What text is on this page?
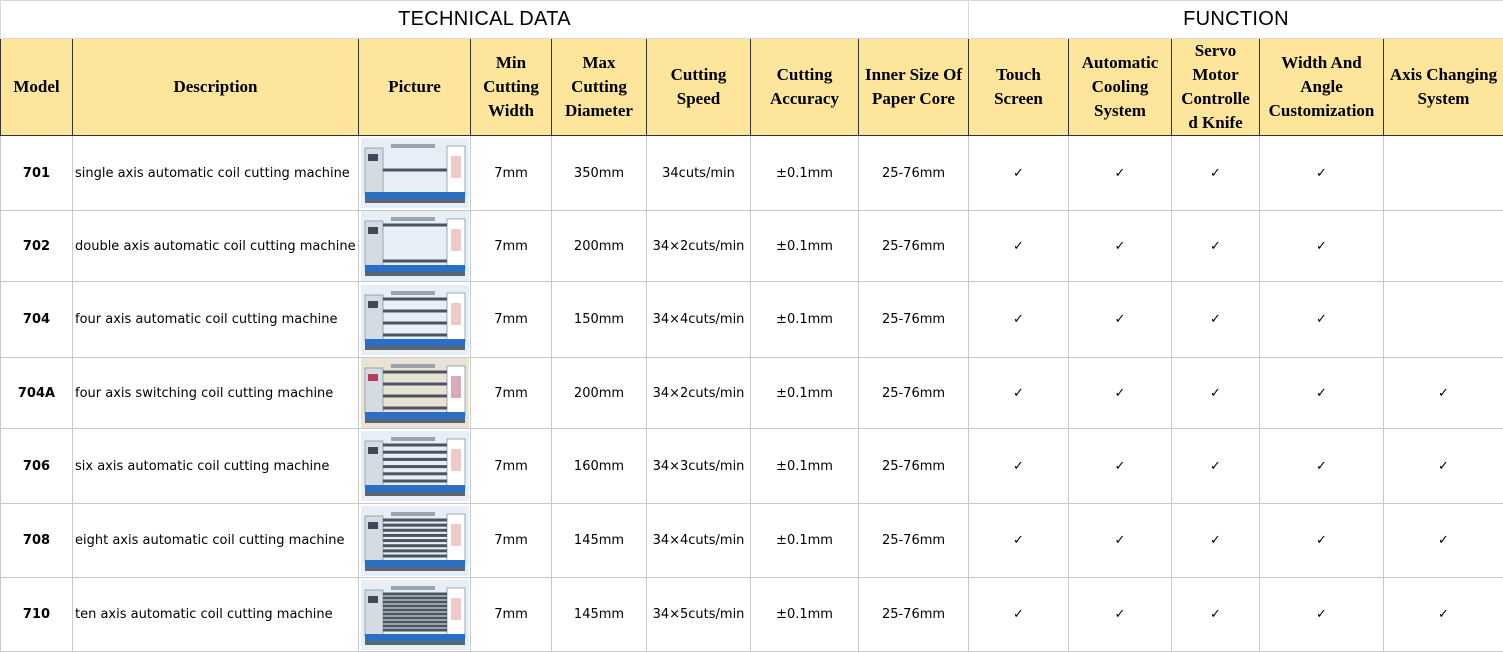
TECHNICAL DATA								FUNCTION				
Model	Description	Picture	Min
Cutting
Width	Max
Cutting
Diameter	Cutting
Speed	Cutting
Accuracy	Inner Size Of
Paper Core	Touch
Screen	Automatic
Cooling
System	Servo
Motor
Controlle
d Knife	Width And
Angle
Customization	Axis Changing
System
701	single axis automatic coil cutting machine		7mm	350mm	34cuts/min	±0.1mm	25-76mm	✓	✓	✓	✓	
702	double axis automatic coil cutting machine		7mm	200mm	34×2cuts/min	±0.1mm	25-76mm	✓	✓	✓	✓	
704	four axis automatic coil cutting machine		7mm	150mm	34×4cuts/min	±0.1mm	25-76mm	✓	✓	✓	✓	
704A	four axis switching coil cutting machine		7mm	200mm	34×2cuts/min	±0.1mm	25-76mm	✓	✓	✓	✓	✓
706	six axis automatic coil cutting machine		7mm	160mm	34×3cuts/min	±0.1mm	25-76mm	✓	✓	✓	✓	✓
708	eight axis automatic coil cutting machine		7mm	145mm	34×4cuts/min	±0.1mm	25-76mm	✓	✓	✓	✓	✓
710	ten axis automatic coil cutting machine		7mm	145mm	34×5cuts/min	±0.1mm	25-76mm	✓	✓	✓	✓	✓
